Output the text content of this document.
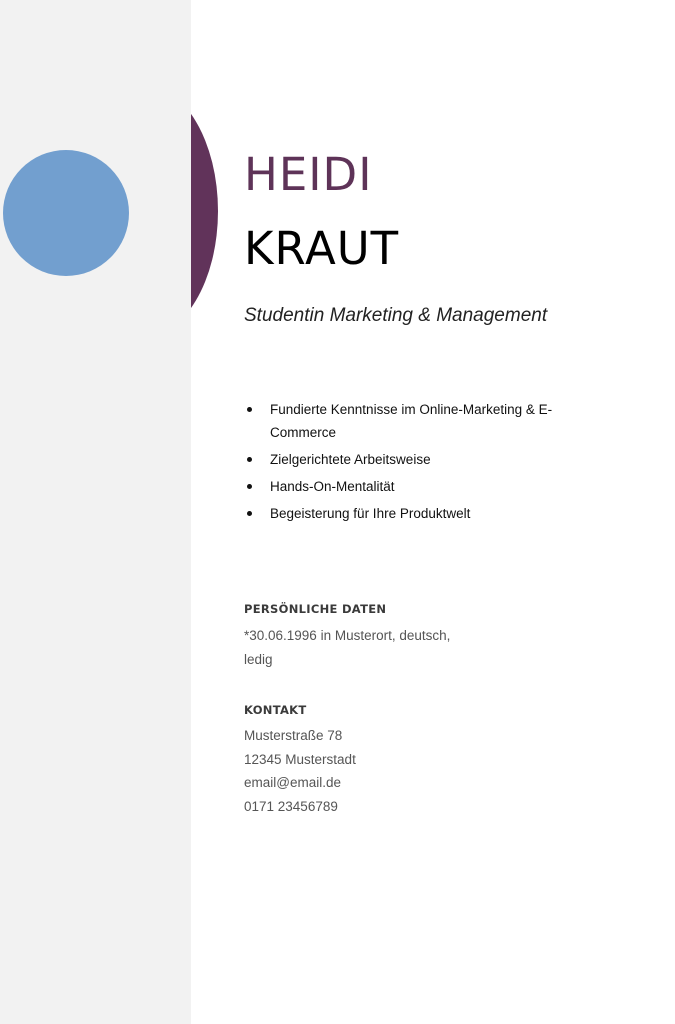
HEIDI
KRAUT
Studentin Marketing & Management
Fundierte Kenntnisse im Online-Marketing & E-Commerce
Zielgerichtete Arbeitsweise
Hands-On-Mentalität
Begeisterung für Ihre Produktwelt
PERSÖNLICHE DATEN
*30.06.1996 in Musterort, deutsch,
ledig
KONTAKT
Musterstraße 78
12345 Musterstadt
email@email.de
0171 23456789
